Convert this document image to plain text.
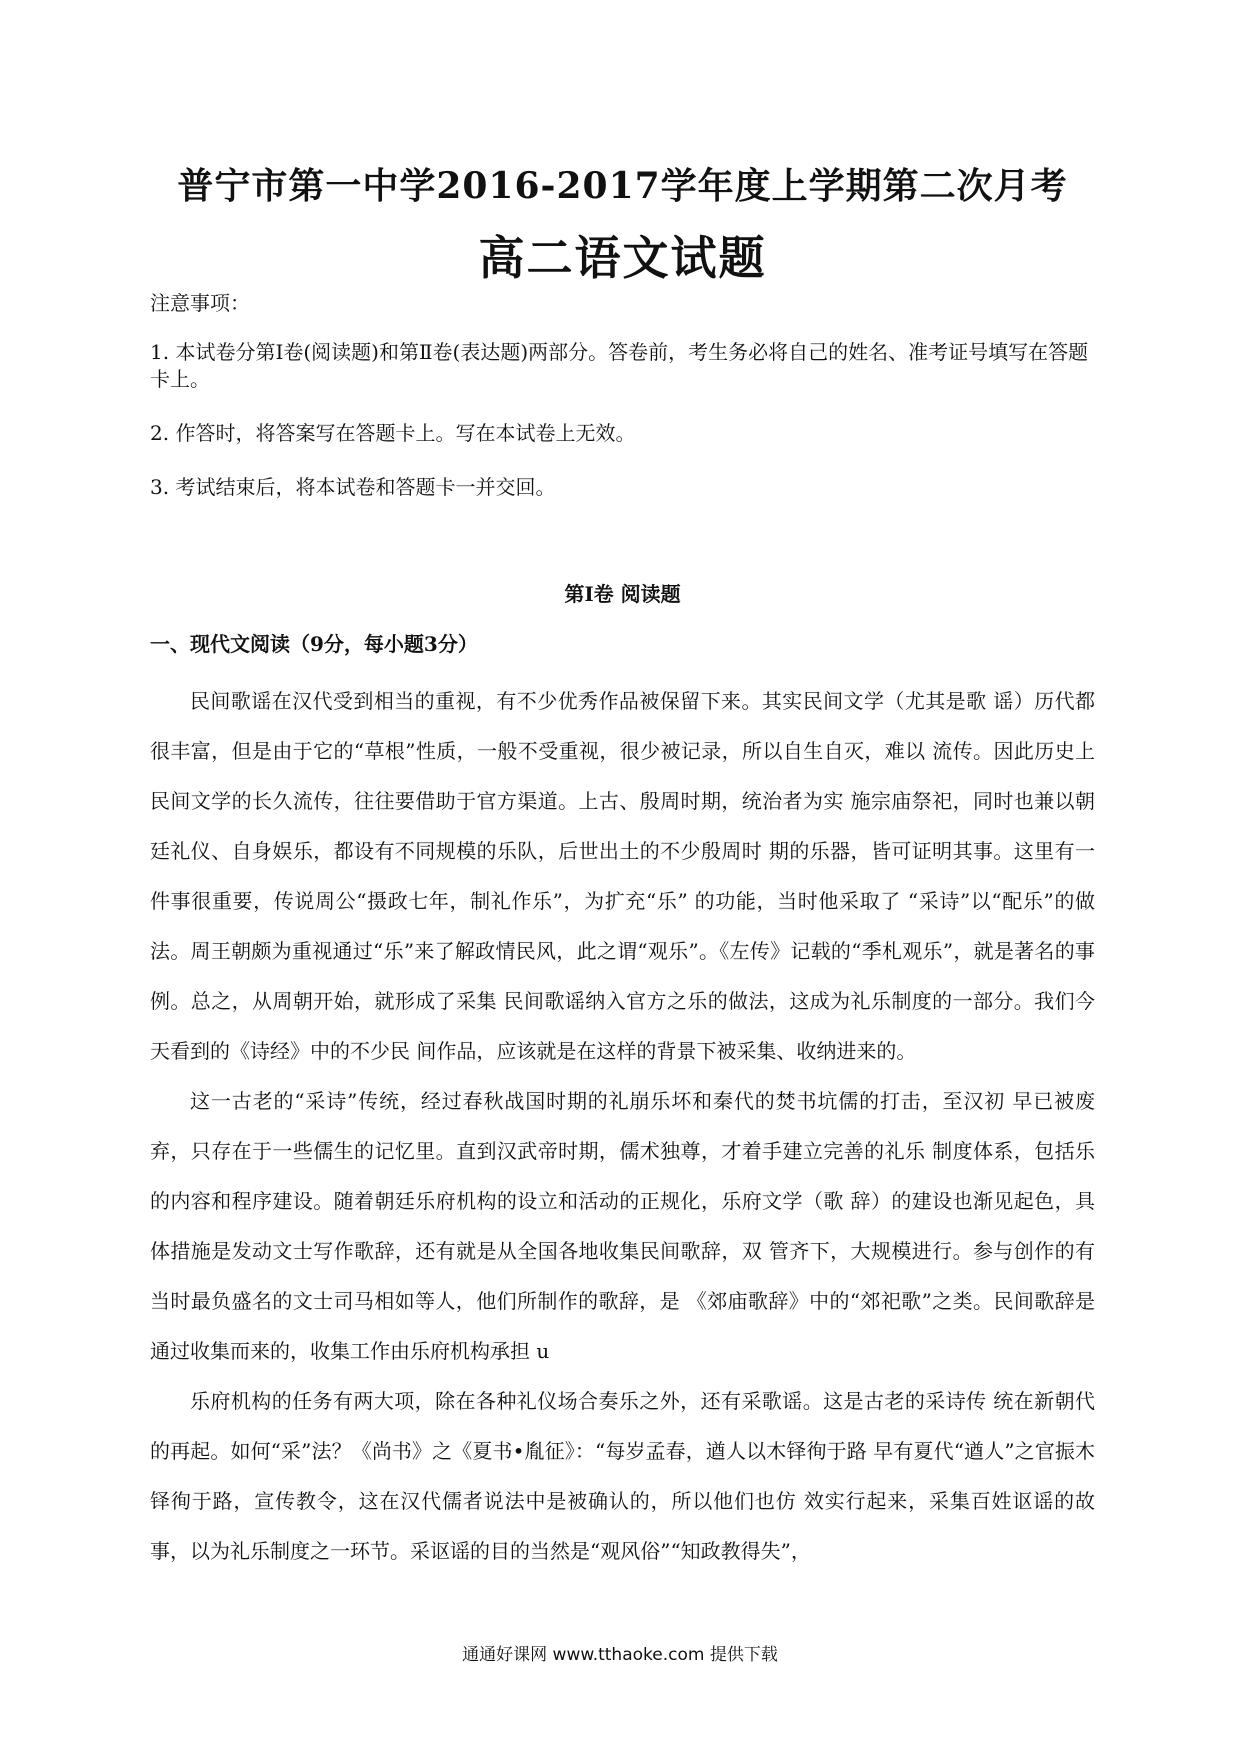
普宁市第一中学2016-2017学年度上学期第二次月考
高二语文试题

注意事项：

1. 本试卷分第Ⅰ卷(阅读题)和第Ⅱ卷(表达题)两部分。答卷前，考生务必将自己的姓名、准考证号填写在答题卡上。

2. 作答时，将答案写在答题卡上。写在本试卷上无效。

3. 考试结束后，将本试卷和答题卡一并交回。

第Ⅰ卷 阅读题
一、现代文阅读（9分，每小题3分）

民间歌谣在汉代受到相当的重视，有不少优秀作品被保留下来。其实民间文学（尤其是歌 谣）历代都很丰富，但是由于它的“草根”性质，一般不受重视，很少被记录，所以自生自灭，难以 流传。因此历史上民间文学的长久流传，往往要借助于官方渠道。上古、殷周时期，统治者为实 施宗庙祭祀，同时也兼以朝廷礼仪、自身娱乐，都设有不同规模的乐队，后世出土的不少殷周时 期的乐器，皆可证明其事。这里有一件事很重要，传说周公“摄政七年，制礼作乐”，为扩充“乐” 的功能，当时他采取了 “采诗”以“配乐”的做法。周王朝颇为重视通过“乐”来了解政情民风，此之谓“观乐”。《左传》记载的“季札观乐”，就是著名的事例。总之，从周朝开始，就形成了采集 民间歌谣纳入官方之乐的做法，这成为礼乐制度的一部分。我们今天看到的《诗经》中的不少民 间作品，应该就是在这样的背景下被采集、收纳进来的。

这一古老的“采诗”传统，经过春秋战国时期的礼崩乐坏和秦代的焚书坑儒的打击，至汉初 早已被废弃，只存在于一些儒生的记忆里。直到汉武帝时期，儒术独尊，才着手建立完善的礼乐 制度体系，包括乐的内容和程序建设。随着朝廷乐府机构的设立和活动的正规化，乐府文学（歌 辞）的建设也渐见起色，具体措施是发动文士写作歌辞，还有就是从全国各地收集民间歌辞，双 管齐下，大规模进行。参与创作的有当时最负盛名的文士司马相如等人，他们所制作的歌辞，是 《郊庙歌辞》中的“郊祀歌”之类。民间歌辞是通过收集而来的，收集工作由乐府机构承担 u

乐府机构的任务有两大项，除在各种礼仪场合奏乐之外，还有采歌谣。这是古老的采诗传 统在新朝代的再起。如何“采”法？《尚书》之《夏书•胤征》：“每岁孟春，遒人以木铎徇于路 早有夏代“遒人”之官振木铎徇于路，宣传教令，这在汉代儒者说法中是被确认的，所以他们也仿 效实行起来，采集百姓讴谣的故事，以为礼乐制度之一环节。采讴谣的目的当然是“观风俗”“知政教得失”，

通通好课网 www.tthaoke.com 提供下载
